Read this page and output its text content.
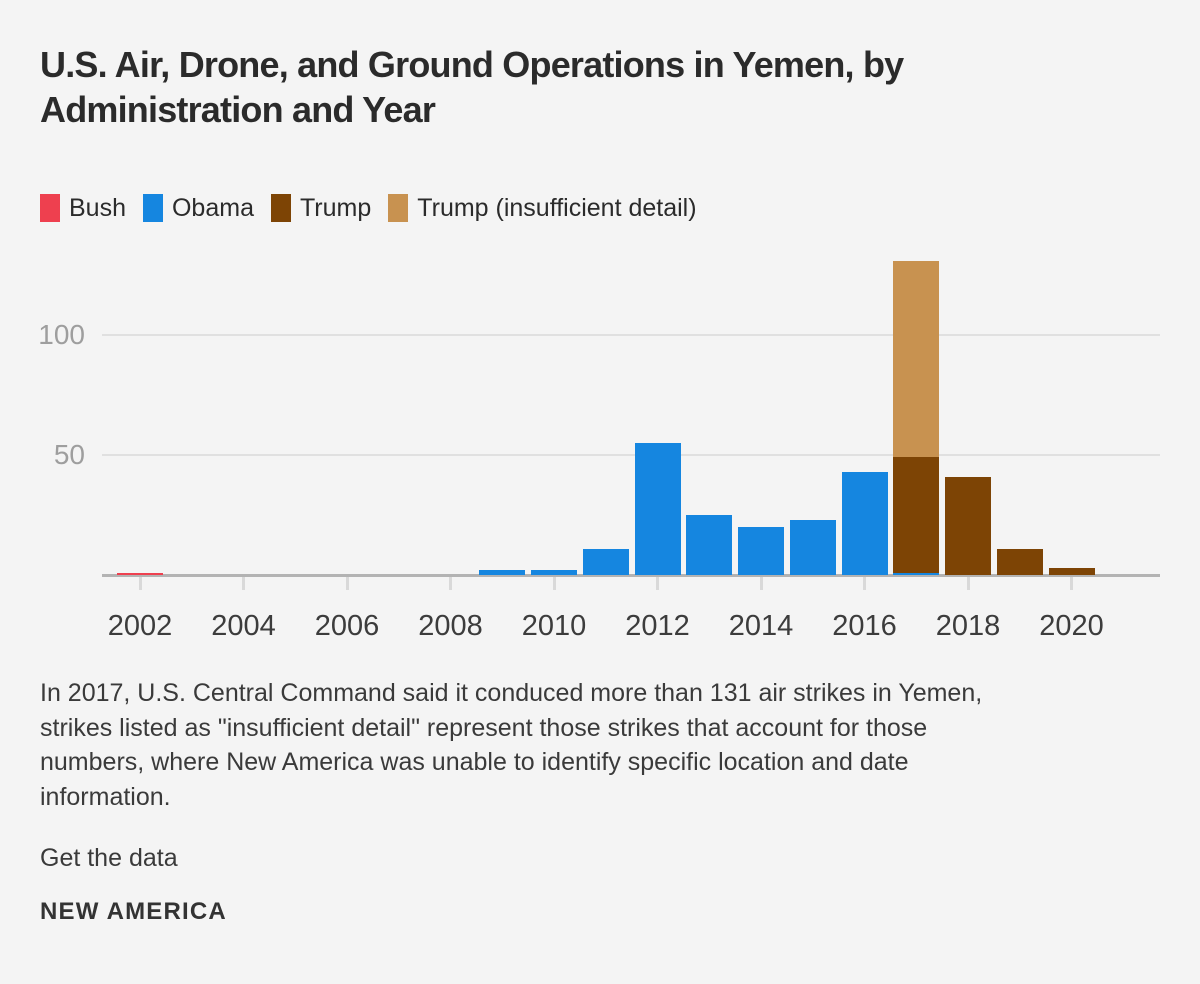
U.S. Air, Drone, and Ground Operations in Yemen, by Administration and Year
Bush Obama Trump Trump (insufficient detail)
50
100
2002	2004	2006	2008	2010	2012	2014	2016	2018	2020
In 2017, U.S. Central Command said it conduced more than 131 air strikes in Yemen,
strikes listed as "insufficient detail" represent those strikes that account for those
numbers, where New America was unable to identify specific location and date
information.
Get the data
NEW AMERICA
